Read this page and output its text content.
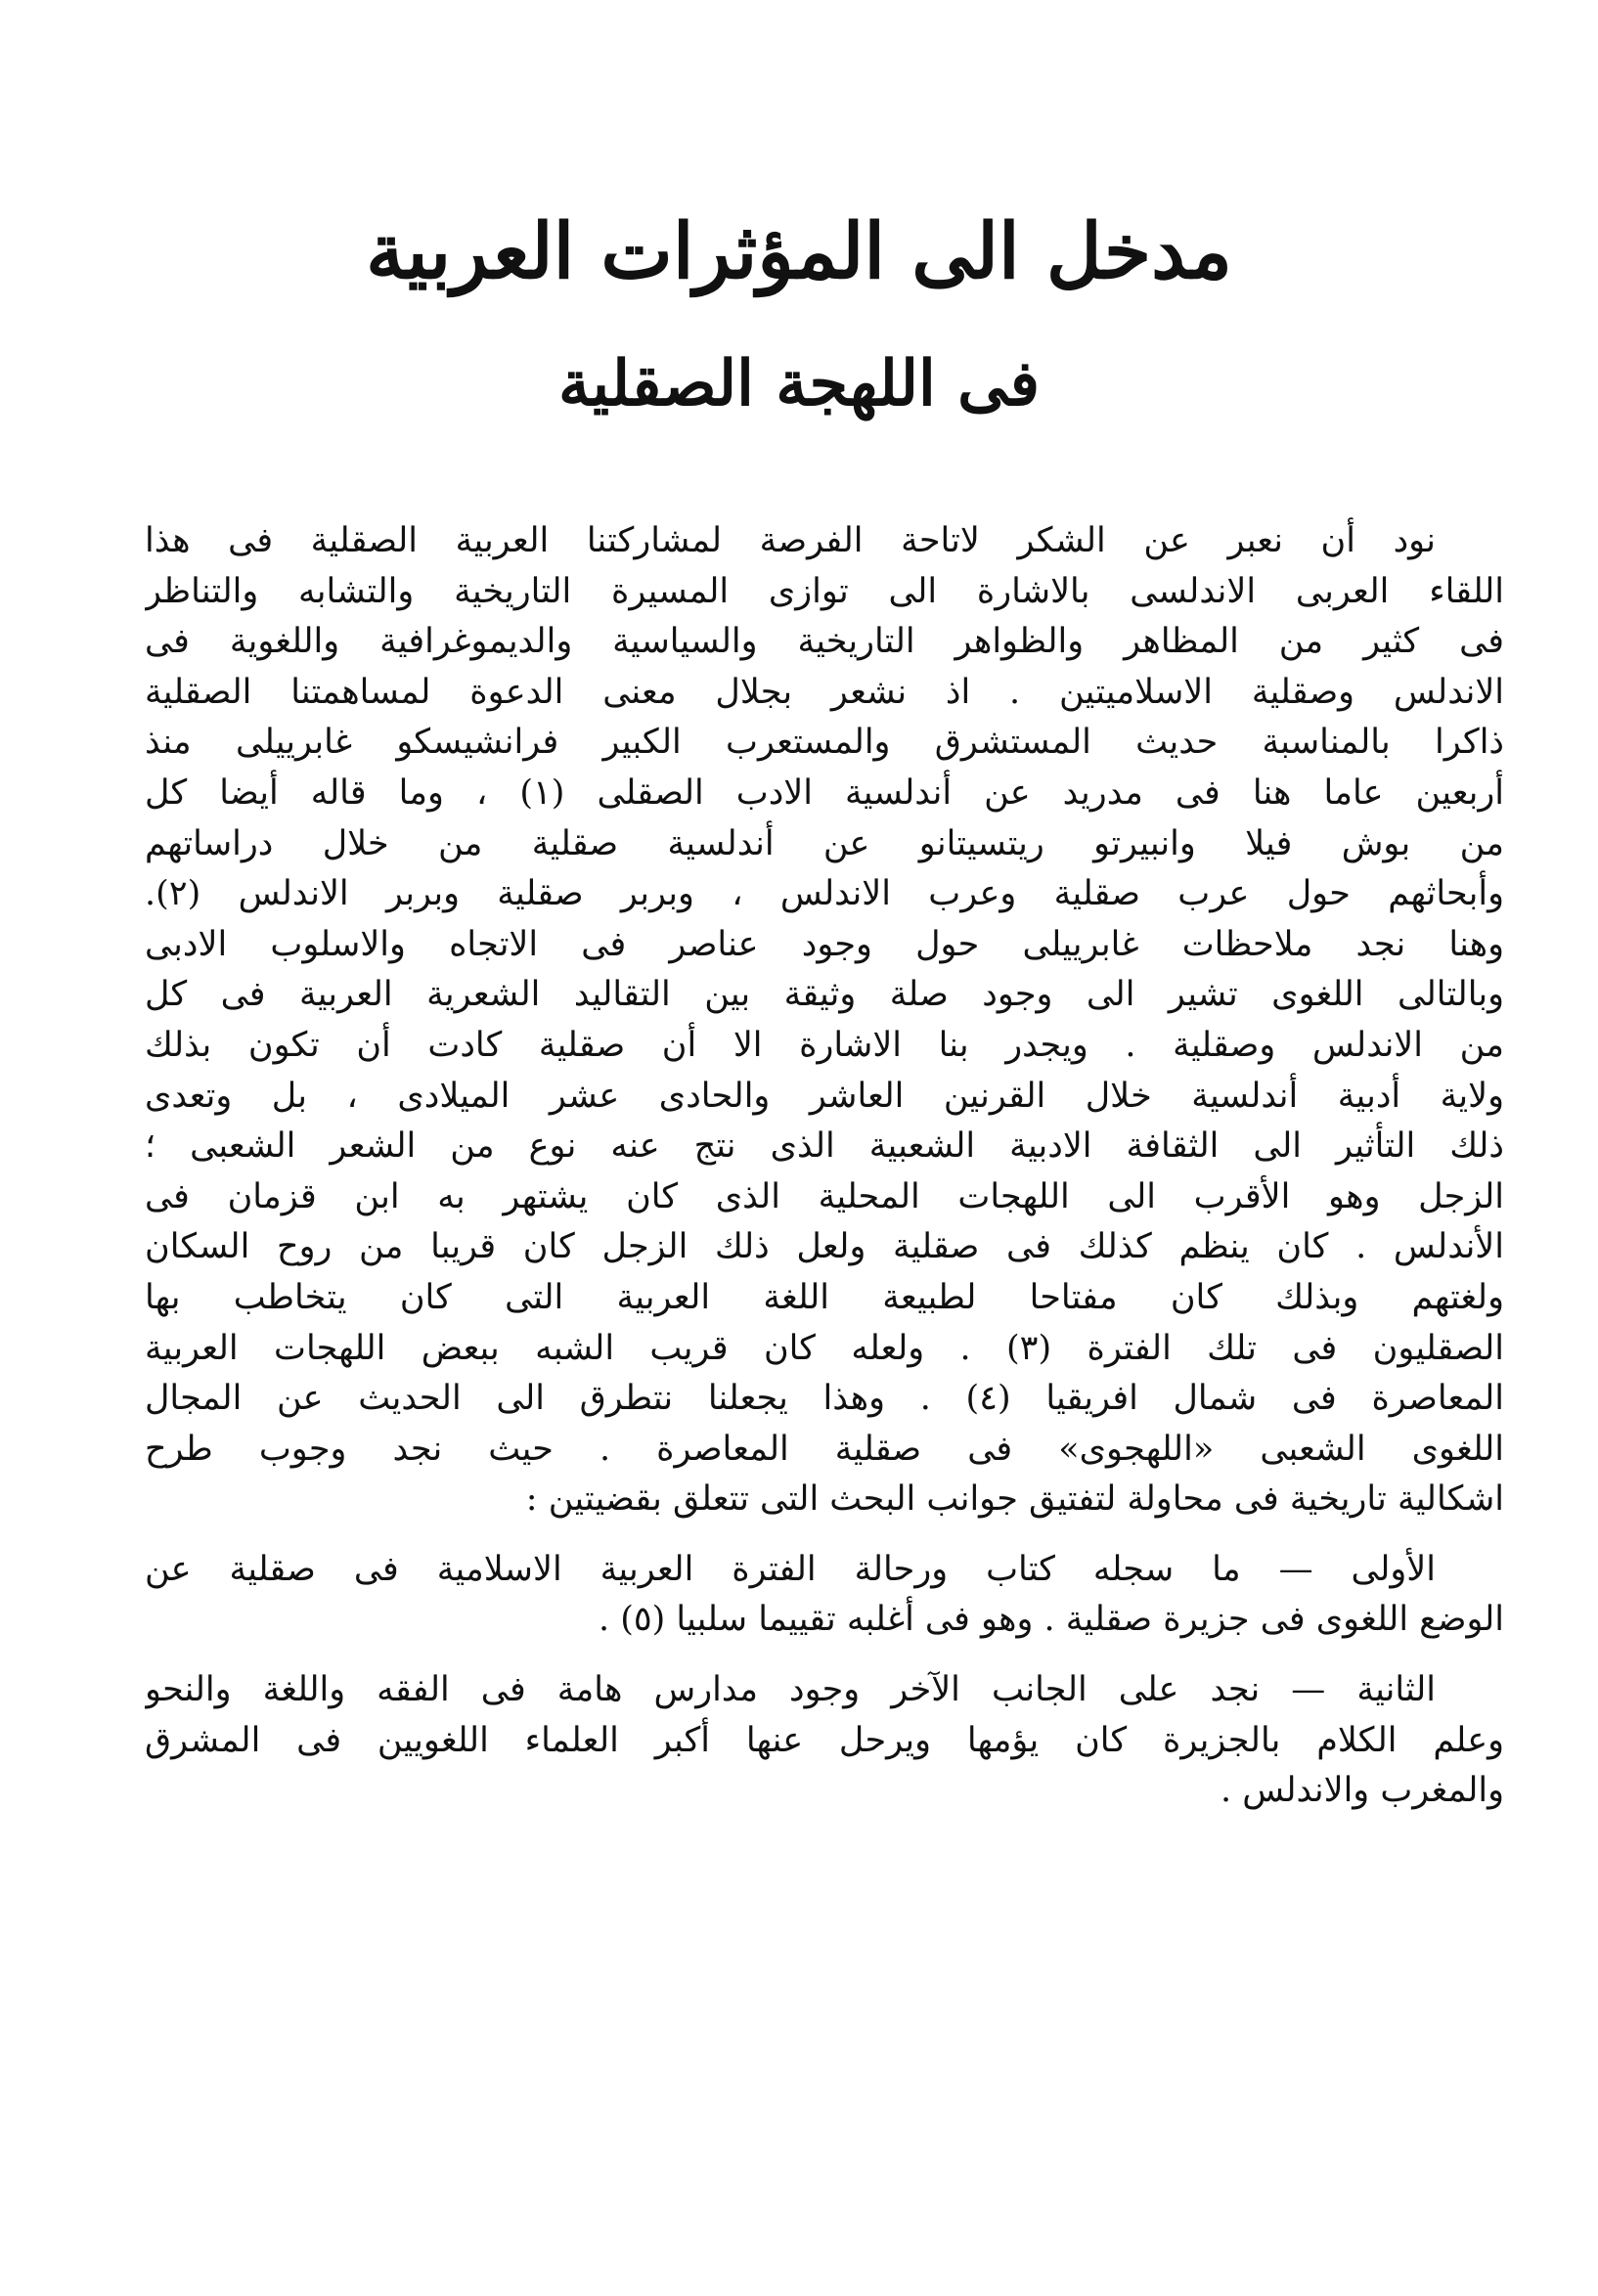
مدخل الى المؤثرات العربية
فى اللهجة الصقلية
نود أن نعبر عن الشكر لاتاحة الفرصة لمشاركتنا العربية الصقلية فى هذا
اللقاء العربى الاندلسى بالاشارة الى توازى المسيرة التاريخية والتشابه والتناظر
فى كثير من المظاهر والظواهر التاريخية والسياسية والديموغرافية واللغوية فى
الاندلس وصقلية الاسلاميتين . اذ نشعر بجلال معنى الدعوة لمساهمتنا الصقلية
ذاكرا بالمناسبة حديث المستشرق والمستعرب الكبير فرانشيسكو غابرييلى منذ
أربعين عاما هنا فى مدريد عن أندلسية الادب الصقلى (١) ، وما قاله أيضا كل
من بوش فيلا وانبيرتو ريتسيتانو عن أندلسية صقلية من خلال دراساتهم
وأبحاثهم حول عرب صقلية وعرب الاندلس ، وبربر صقلية وبربر الاندلس (٢).
وهنا نجد ملاحظات غابرييلى حول وجود عناصر فى الاتجاه والاسلوب الادبى
وبالتالى اللغوى تشير الى وجود صلة وثيقة بين التقاليد الشعرية العربية فى كل
من الاندلس وصقلية . ويجدر بنا الاشارة الا أن صقلية كادت أن تكون بذلك
ولاية أدبية أندلسية خلال القرنين العاشر والحادى عشر الميلادى ، بل وتعدى
ذلك التأثير الى الثقافة الادبية الشعبية الذى نتج عنه نوع من الشعر الشعبى ؛
الزجل وهو الأقرب الى اللهجات المحلية الذى كان يشتهر به ابن قزمان فى
الأندلس . كان ينظم كذلك فى صقلية ولعل ذلك الزجل كان قريبا من روح السكان
ولغتهم وبذلك كان مفتاحا لطبيعة اللغة العربية التى كان يتخاطب بها
الصقليون فى تلك الفترة (٣) . ولعله كان قريب الشبه ببعض اللهجات العربية
المعاصرة فى شمال افريقيا (٤) . وهذا يجعلنا نتطرق الى الحديث عن المجال
اللغوى الشعبى «اللهجوى» فى صقلية المعاصرة . حيث نجد وجوب طرح
اشكالية تاريخية فى محاولة لتفتيق جوانب البحث التى تتعلق بقضيتين :
الأولى — ما سجله كتاب ورحالة الفترة العربية الاسلامية فى صقلية عن
الوضع اللغوى فى جزيرة صقلية . وهو فى أغلبه تقييما سلبيا (٥) .
الثانية — نجد على الجانب الآخر وجود مدارس هامة فى الفقه واللغة والنحو
وعلم الكلام بالجزيرة كان يؤمها ويرحل عنها أكبر العلماء اللغويين فى المشرق
والمغرب والاندلس .
